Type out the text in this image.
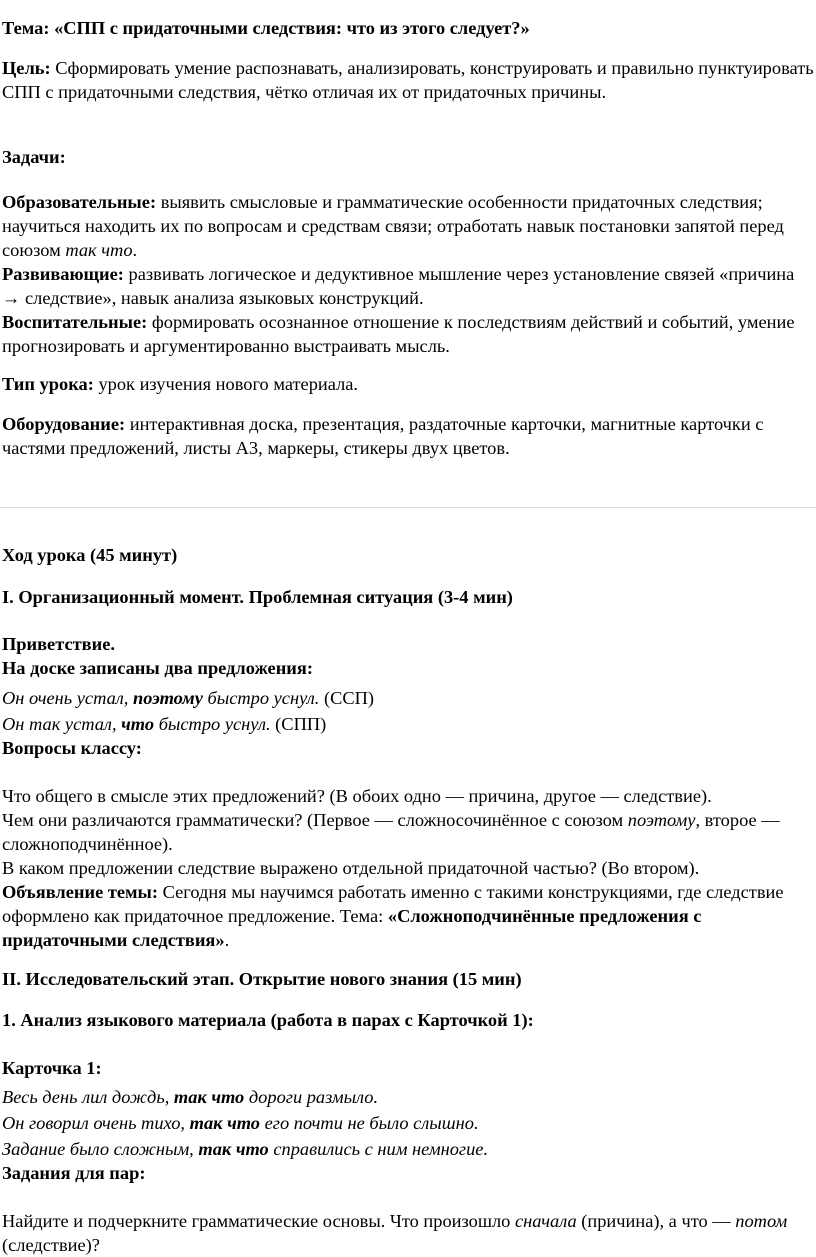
Тема: «СПП с придаточными следствия: что из этого следует?»

Цель: Сформировать умение распознавать, анализировать, конструировать и правильно пунктуировать СПП с придаточными следствия, чётко отличая их от придаточных причины.

Задачи:

Образовательные: выявить смысловые и грамматические особенности придаточных следствия; научиться находить их по вопросам и средствам связи; отработать навык постановки запятой перед союзом так что.

Развивающие: развивать логическое и дедуктивное мышление через установление связей «причина → следствие», навык анализа языковых конструкций.

Воспитательные: формировать осознанное отношение к последствиям действий и событий, умение прогнозировать и аргументированно выстраивать мысль.

Тип урока: урок изучения нового материала.

Оборудование: интерактивная доска, презентация, раздаточные карточки, магнитные карточки с частями предложений, листы А3, маркеры, стикеры двух цветов.

Ход урока (45 минут)

I. Организационный момент. Проблемная ситуация (3-4 мин)

Приветствие.

На доске записаны два предложения:

Он очень устал, поэтому быстро уснул. (ССП)

Он так устал, что быстро уснул. (СПП)

Вопросы классу:

Что общего в смысле этих предложений? (В обоих одно — причина, другое — следствие).

Чем они различаются грамматически? (Первое — сложносочинённое с союзом поэтому, второе — сложноподчинённое).

В каком предложении следствие выражено отдельной придаточной частью? (Во втором).

Объявление темы: Сегодня мы научимся работать именно с такими конструкциями, где следствие оформлено как придаточное предложение. Тема: «Сложноподчинённые предложения с придаточными следствия».

II. Исследовательский этап. Открытие нового знания (15 мин)

1. Анализ языкового материала (работа в парах с Карточкой 1):

Карточка 1:

Весь день лил дождь, так что дороги размыло.

Он говорил очень тихо, так что его почти не было слышно.

Задание было сложным, так что справились с ним немногие.

Задания для пар:

Найдите и подчеркните грамматические основы. Что произошло сначала (причина), а что — потом (следствие)?
